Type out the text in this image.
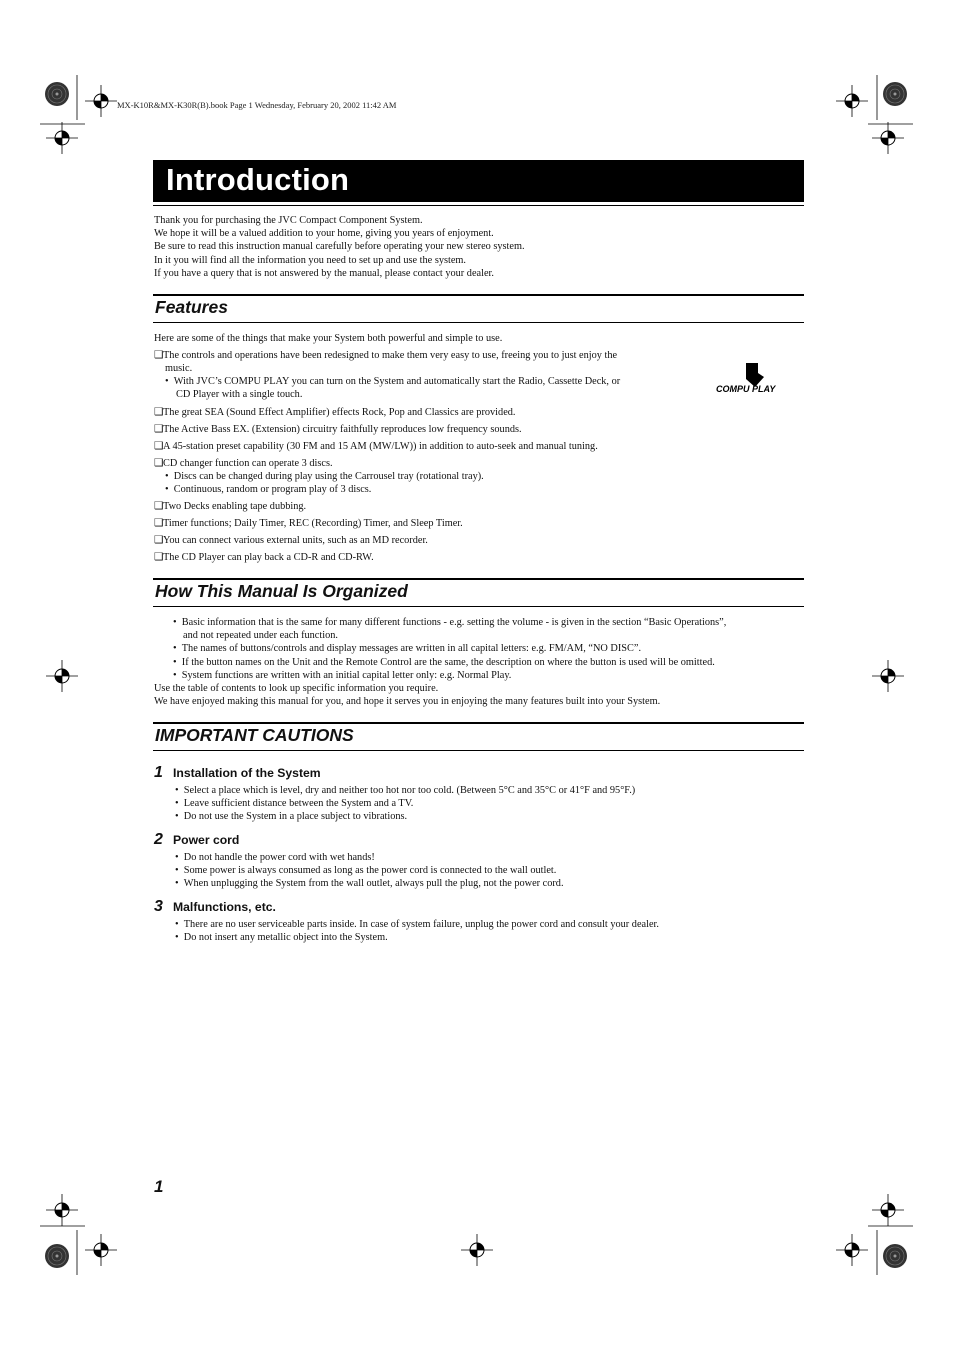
MX-K10R&MX-K30R(B).book Page 1 Wednesday, February 20, 2002 11:42 AM
Introduction
Thank you for purchasing the JVC Compact Component System.
We hope it will be a valued addition to your home, giving you years of enjoyment.
Be sure to read this instruction manual carefully before operating your new stereo system.
In it you will find all the information you need to set up and use the system.
If you have a query that is not answered by the manual, please contact your dealer.
Features
Here are some of the things that make your System both powerful and simple to use.
❑The controls and operations have been redesigned to make them very easy to use, freeing you to just enjoy the
music.
• With JVC’s COMPU PLAY you can turn on the System and automatically start the Radio, Cassette Deck, or
CD Player with a single touch.	COMPU PLAY
❑The great SEA (Sound Effect Amplifier) effects Rock, Pop and Classics are provided.
❑The Active Bass EX. (Extension) circuitry faithfully reproduces low frequency sounds.
❑A 45-station preset capability (30 FM and 15 AM (MW/LW)) in addition to auto-seek and manual tuning.
❑CD changer function can operate 3 discs.
• Discs can be changed during play using the Carrousel tray (rotational tray).
• Continuous, random or program play of 3 discs.
❑Two Decks enabling tape dubbing.
❑Timer functions; Daily Timer, REC (Recording) Timer, and Sleep Timer.
❑You can connect various external units, such as an MD recorder.
❑The CD Player can play back a CD-R and CD-RW.
How This Manual Is Organized
• Basic information that is the same for many different functions - e.g. setting the volume - is given in the section “Basic Operations”,
and not repeated under each function.
• The names of buttons/controls and display messages are written in all capital letters: e.g. FM/AM, “NO DISC”.
• If the button names on the Unit and the Remote Control are the same, the description on where the button is used will be omitted.
• System functions are written with an initial capital letter only: e.g. Normal Play.
Use the table of contents to look up specific information you require.
We have enjoyed making this manual for you, and hope it serves you in enjoying the many features built into your System.
IMPORTANT CAUTIONS
1 Installation of the System
• Select a place which is level, dry and neither too hot nor too cold. (Between 5°C and 35°C or 41°F and 95°F.)
• Leave sufficient distance between the System and a TV.
• Do not use the System in a place subject to vibrations.
2 Power cord
• Do not handle the power cord with wet hands!
• Some power is always consumed as long as the power cord is connected to the wall outlet.
• When unplugging the System from the wall outlet, always pull the plug, not the power cord.
3 Malfunctions, etc.
• There are no user serviceable parts inside. In case of system failure, unplug the power cord and consult your dealer.
• Do not insert any metallic object into the System.
1
